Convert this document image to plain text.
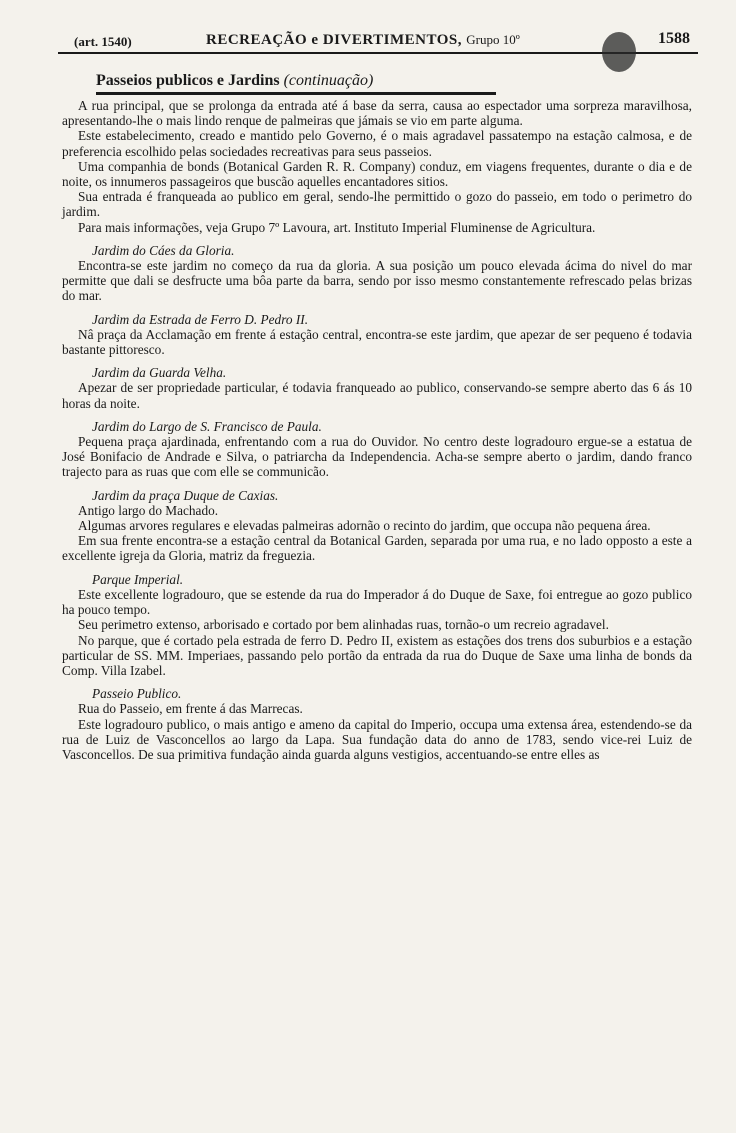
(art. 1540)	RECREAÇÃO e DIVERTIMENTOS, Grupo 10º	1588
Passeios publicos e Jardins (continuação)

A rua principal, que se prolonga da entrada até á base da serra, causa ao espectador uma sorpreza maravilhosa, apresentando-lhe o mais lindo renque de palmeiras que jámais se vio em parte alguma.

Este estabelecimento, creado e mantido pelo Governo, é o mais agradavel passatempo na estação calmosa, e de preferencia escolhido pelas sociedades recreativas para seus passeios.

Uma companhia de bonds (Botanical Garden R. R. Company) conduz, em viagens frequentes, durante o dia e de noite, os innumeros passageiros que buscão aquelles encantadores sitios.

Sua entrada é franqueada ao publico em geral, sendo-lhe permittido o gozo do passeio, em todo o perimetro do jardim.

Para mais informações, veja Grupo 7º Lavoura, art. Instituto Imperial Fluminense de Agricultura.

Jardim do Cáes da Gloria.

Encontra-se este jardim no começo da rua da gloria. A sua posição um pouco elevada ácima do nivel do mar permitte que dali se desfructe uma bôa parte da barra, sendo por isso mesmo constantemente refrescado pelas brizas do mar.

Jardim da Estrada de Ferro D. Pedro II.

Nâ praça da Acclamação em frente á estação central, encontra-se este jardim, que apezar de ser pequeno é todavia bastante pittoresco.

Jardim da Guarda Velha.

Apezar de ser propriedade particular, é todavia franqueado ao publico, conservando-se sempre aberto das 6 ás 10 horas da noite.

Jardim do Largo de S. Francisco de Paula.

Pequena praça ajardinada, enfrentando com a rua do Ouvidor. No centro deste logradouro ergue-se a estatua de José Bonifacio de Andrade e Silva, o patriarcha da Independencia. Acha-se sempre aberto o jardim, dando franco trajecto para as ruas que com elle se communicão.

Jardim da praça Duque de Caxias.

Antigo largo do Machado.

Algumas arvores regulares e elevadas palmeiras adornão o recinto do jardim, que occupa não pequena área.

Em sua frente encontra-se a estação central da Botanical Garden, separada por uma rua, e no lado opposto a este a excellente igreja da Gloria, matriz da freguezia.

Parque Imperial.

Este excellente logradouro, que se estende da rua do Imperador á do Duque de Saxe, foi entregue ao gozo publico ha pouco tempo.

Seu perimetro extenso, arborisado e cortado por bem alinhadas ruas, tornão-o um recreio agradavel.

No parque, que é cortado pela estrada de ferro D. Pedro II, existem as estações dos trens dos suburbios e a estação particular de SS. MM. Imperiaes, passando pelo portão da entrada da rua do Duque de Saxe uma linha de bonds da Comp. Villa Izabel.

Passeio Publico.

Rua do Passeio, em frente á das Marrecas.

Este logradouro publico, o mais antigo e ameno da capital do Imperio, occupa uma extensa área, estendendo-se da rua de Luiz de Vasconcellos ao largo da Lapa. Sua fundação data do anno de 1783, sendo vice-rei Luiz de Vasconcellos. De sua primitiva fundação ainda guarda alguns vestigios, accentuando-se entre elles as
